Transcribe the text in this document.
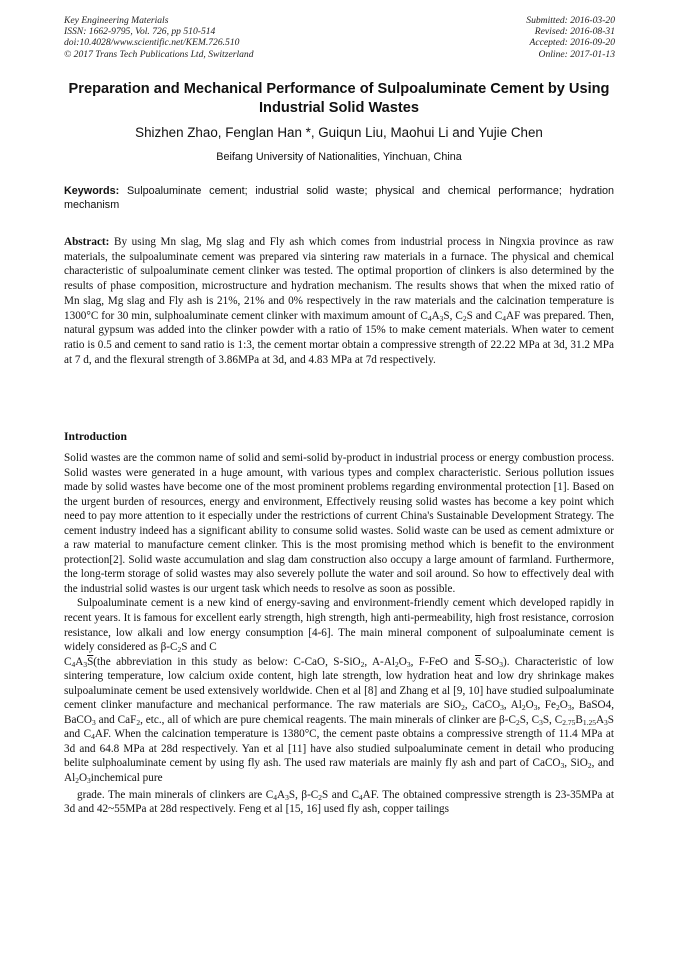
Key Engineering Materials
ISSN: 1662-9795, Vol. 726, pp 510-514
doi:10.4028/www.scientific.net/KEM.726.510
© 2017 Trans Tech Publications Ltd, Switzerland
Submitted: 2016-03-20
Revised: 2016-08-31
Accepted: 2016-09-20
Online: 2017-01-13
Preparation and Mechanical Performance of Sulpoaluminate Cement by Using Industrial Solid Wastes
Shizhen Zhao, Fenglan Han *, Guiqun Liu, Maohui Li and Yujie Chen
Beifang University of Nationalities, Yinchuan, China
Keywords: Sulpoaluminate cement; industrial solid waste; physical and chemical performance; hydration mechanism
Abstract: By using Mn slag, Mg slag and Fly ash which comes from industrial process in Ningxia province as raw materials, the sulpoaluminate cement was prepared via sintering raw materials in a furnace. The physical and chemical characteristic of sulpoaluminate cement clinker was tested. The optimal proportion of clinkers is also determined by the results of phase composition, microstructure and hydration mechanism. The results shows that when the mixed ratio of Mn slag, Mg slag and Fly ash is 21%, 21% and 0% respectively in the raw materials and the calcination temperature is 1300°C for 30 min, sulphoaluminate cement clinker with maximum amount of $C_4A_3S$, $C_2S$ and $C_4AF$ was prepared. Then, natural gypsum was added into the clinker powder with a ratio of 15% to make cement materials. When water to cement ratio is 0.5 and cement to sand ratio is 1:3, the cement mortar obtain a compressive strength of 22.22 MPa at 3d, 31.2 MPa at 7 d, and the flexural strength of 3.86MPa at 3d, and 4.83 MPa at 7d respectively.
Introduction

Solid wastes are the common name of solid and semi-solid by-product in industrial process or energy combustion process. Solid wastes were generated in a huge amount, with various types and complex characteristic. Serious pollution issues made by solid wastes have become one of the most prominent problems regarding environmental protection [1]. Based on the urgent burden of resources, energy and environment, Effectively reusing solid wastes has become a key point which need to pay more attention to it especially under the restrictions of current China's Sustainable Development Strategy. The cement industry indeed has a significant ability to consume solid wastes. Solid waste can be used as cement admixture or a raw material to manufacture cement clinker. This is the most promising method which is benefit to the environment protection[2]. Solid waste accumulation and slag dam construction also occupy a large amount of farmland. Furthermore, the long-term storage of solid wastes may also severely pollute the water and soil around. So how to effectively deal with the industrial solid wastes is our urgent task which needs to resolve as soon as possible.

Sulpoaluminate cement is a new kind of energy-saving and environment-friendly cement which developed rapidly in recent years. It is famous for excellent early strength, high strength, high anti-permeability, high frost resistance, corrosion resistance, low alkali and low energy consumption [4-6]. The main mineral component of sulpoaluminate cement is widely considered as $\beta-C_2S$ and C
$C_4A_3\overline{S}(the$ abbreviation in this study as below: C-CaO, S-SiO$_2$, $A-Al_2O_3$, F-FeO and $\overline{S}-SO_3$). Characteristic of low sintering temperature, low calcium oxide content, high late strength, low hydration heat and low dry shrinkage makes sulpoaluminate cement be used extensively worldwide. Chen et al [8] and Zhang et al [9, 10] have studied sulpoaluminate cement clinker manufacture and mechanical performance. The raw materials are SiO$_2$, CaCO$_3$, $Al_2O_3$, $Fe_2O_3$, BaSO4, BaCO$_3$ and CaF$_2$, etc., all of which are pure chemical reagents. The main minerals of clinker are $\beta-C_2S$, $C_3S$, $C_{2.75}B_{1.25}A_3S$ and $C_4AF$. When the calcination temperature is 1380°C, the cement paste obtains a compressive strength of 11.4 MPa at 3d and 64.8 MPa at 28d respectively. Yan et al [11] have also studied sulpoaluminate cement in detail who producing belite sulphoaluminate cement by using fly ash. The used raw materials are mainly fly ash and part of CaCO$_3$, SiO$_2$, and $Al_2O_3inchemical$ pure
grade. The main minerals of clinkers are $C_4A_3S$, $\beta-C_2S$ and $C_4AF$. The obtained compressive strength is 23-35MPa at 3d and 42~55MPa at 28d respectively. Feng et al [15, 16] used fly ash, copper tailings
